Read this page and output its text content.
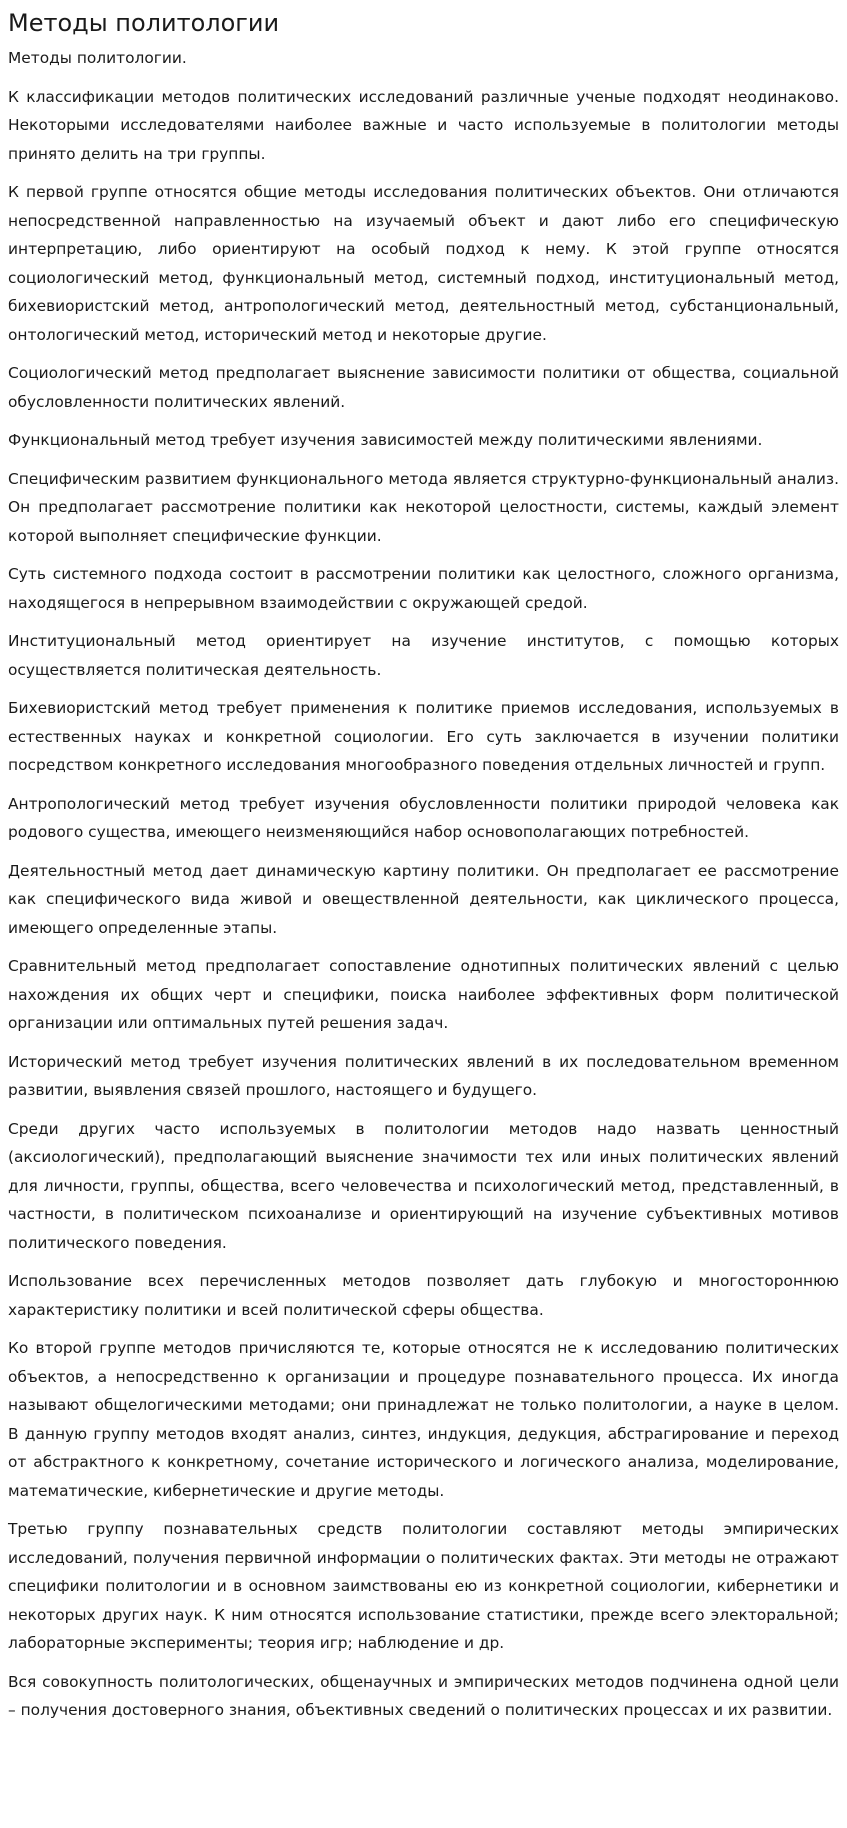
Методы политологии

Методы политологии.

К классификации методов политических исследований различные ученые подходят неодинаково. Некоторыми исследователями наиболее важные и часто используемые в политологии методы принято делить на три группы.

К первой группе относятся общие методы исследования политических объектов. Они отличаются непосредственной направленностью на изучаемый объект и дают либо его специфическую интерпретацию, либо ориентируют на особый подход к нему. К этой группе относятся социологический метод, функциональный метод, системный подход, институциональный метод, бихевиористский метод, антропологический метод, деятельностный метод, субстанциональный, онтологический метод, исторический метод и некоторые другие.

Социологический метод предполагает выяснение зависимости политики от общества, социальной обусловленности политических явлений.

Функциональный метод требует изучения зависимостей между политическими явлениями.

Специфическим развитием функционального метода является структурно-функциональный анализ. Он предполагает рассмотрение политики как некоторой целостности, системы, каждый элемент которой выполняет специфические функции.

Суть системного подхода состоит в рассмотрении политики как целостного, сложного организма, находящегося в непрерывном взаимодействии с окружающей средой.

Институциональный метод ориентирует на изучение институтов, с помощью которых осуществляется политическая деятельность.

Бихевиористский метод требует применения к политике приемов исследования, используемых в естественных науках и конкретной социологии. Его суть заключается в изучении политики посредством конкретного исследования многообразного поведения отдельных личностей и групп.

Антропологический метод требует изучения обусловленности политики природой человека как родового существа, имеющего неизменяющийся набор основополагающих потребностей.

Деятельностный метод дает динамическую картину политики. Он предполагает ее рассмотрение как специфического вида живой и овеществленной деятельности, как циклического процесса, имеющего определенные этапы.

Сравнительный метод предполагает сопоставление однотипных политических явлений с целью нахождения их общих черт и специфики, поиска наиболее эффективных форм политической организации или оптимальных путей решения задач.

Исторический метод требует изучения политических явлений в их последовательном временном развитии, выявления связей прошлого, настоящего и будущего.

Среди других часто используемых в политологии методов надо назвать ценностный (аксиологический), предполагающий выяснение значимости тех или иных политических явлений для личности, группы, общества, всего человечества и психологический метод, представленный, в частности, в политическом психоанализе и ориентирующий на изучение субъективных мотивов политического поведения.

Использование всех перечисленных методов позволяет дать глубокую и многостороннюю характеристику политики и всей политической сферы общества.

Ко второй группе методов причисляются те, которые относятся не к исследованию политических объектов, а непосредственно к организации и процедуре познавательного процесса. Их иногда называют общелогическими методами; они принадлежат не только политологии, а науке в целом. В данную группу методов входят анализ, синтез, индукция, дедукция, абстрагирование и переход от абстрактного к конкретному, сочетание исторического и логического анализа, моделирование, математические, кибернетические и другие методы.

Третью группу познавательных средств политологии составляют методы эмпирических исследований, получения первичной информации о политических фактах. Эти методы не отражают специфики политологии и в основном заимствованы ею из конкретной социологии, кибернетики и некоторых других наук. К ним относятся использование статистики, прежде всего электоральной; лабораторные эксперименты; теория игр; наблюдение и др.

Вся совокупность политологических, общенаучных и эмпирических методов подчинена одной цели – получения достоверного знания, объективных сведений о политических процессах и их развитии.
